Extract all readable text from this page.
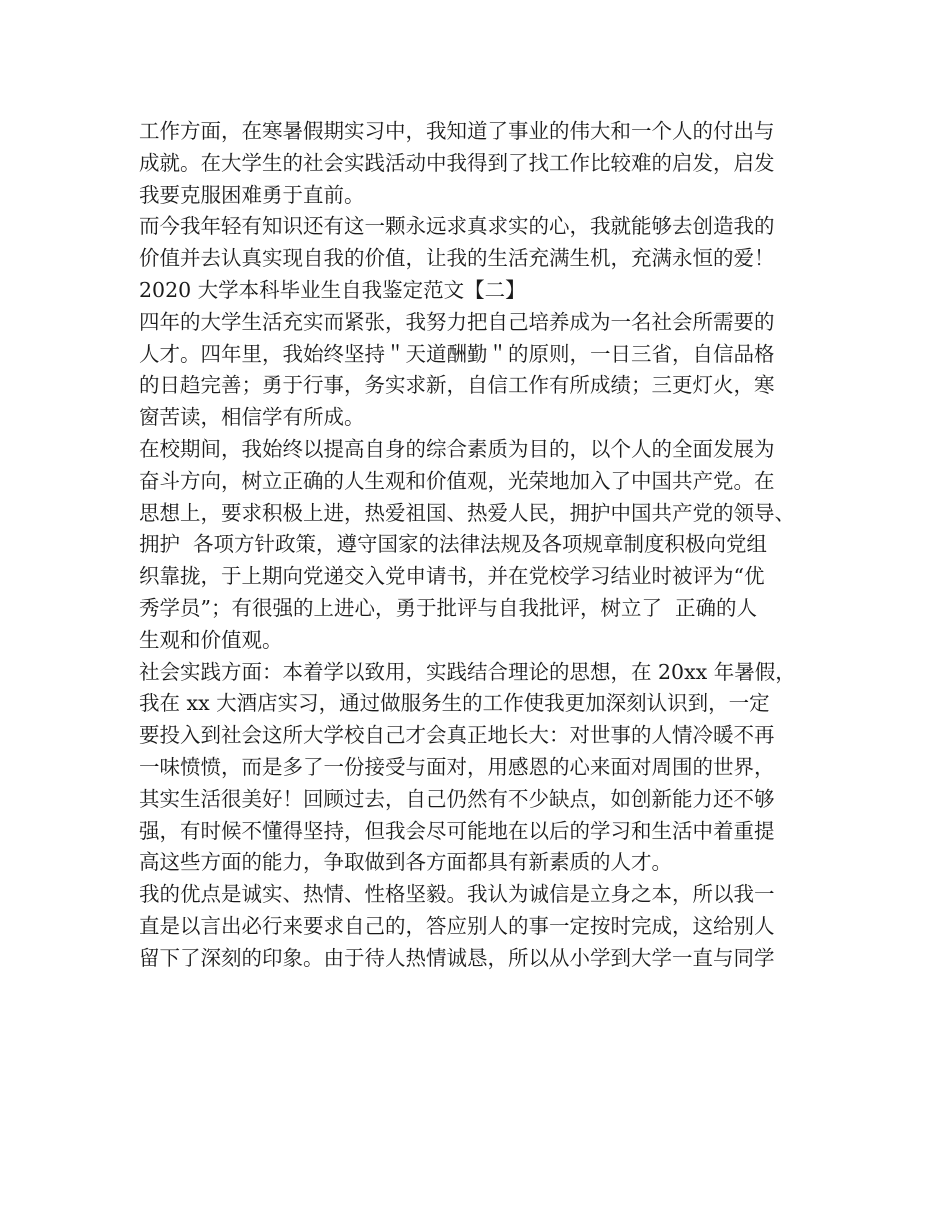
工作方面，在寒暑假期实习中，我知道了事业的伟大和一个人的付出与
成就。在大学生的社会实践活动中我得到了找工作比较难的启发，启发
我要克服困难勇于直前。
而今我年轻有知识还有这一颗永远求真求实的心，我就能够去创造我的
价值并去认真实现自我的价值，让我的生活充满生机，充满永恒的爱！
2020 大学本科毕业生自我鉴定范文【二】
四年的大学生活充实而紧张，我努力把自己培养成为一名社会所需要的
人才。四年里，我始终坚持＂天道酬勤＂的原则，一日三省，自信品格
的日趋完善；勇于行事，务实求新，自信工作有所成绩；三更灯火，寒
窗苦读，相信学有所成。
在校期间，我始终以提高自身的综合素质为目的，以个人的全面发展为
奋斗方向，树立正确的人生观和价值观，光荣地加入了中国共产党。在
思想上，要求积极上进，热爱祖国、热爱人民，拥护中国共产党的领导、
拥护  各项方针政策，遵守国家的法律法规及各项规章制度积极向党组
织靠拢，于上期向党递交入党申请书，并在党校学习结业时被评为“优
秀学员”；有很强的上进心，勇于批评与自我批评，树立了  正确的人
生观和价值观。
社会实践方面：本着学以致用，实践结合理论的思想，在 20xx 年暑假，
我在 xx 大酒店实习，通过做服务生的工作使我更加深刻认识到，一定
要投入到社会这所大学校自己才会真正地长大：对世事的人情冷暖不再
一味愤愤，而是多了一份接受与面对，用感恩的心来面对周围的世界，
其实生活很美好！回顾过去，自己仍然有不少缺点，如创新能力还不够
强，有时候不懂得坚持，但我会尽可能地在以后的学习和生活中着重提
高这些方面的能力，争取做到各方面都具有新素质的人才。
我的优点是诚实、热情、性格坚毅。我认为诚信是立身之本，所以我一
直是以言出必行来要求自己的，答应别人的事一定按时完成，这给别人
留下了深刻的印象。由于待人热情诚恳，所以从小学到大学一直与同学
